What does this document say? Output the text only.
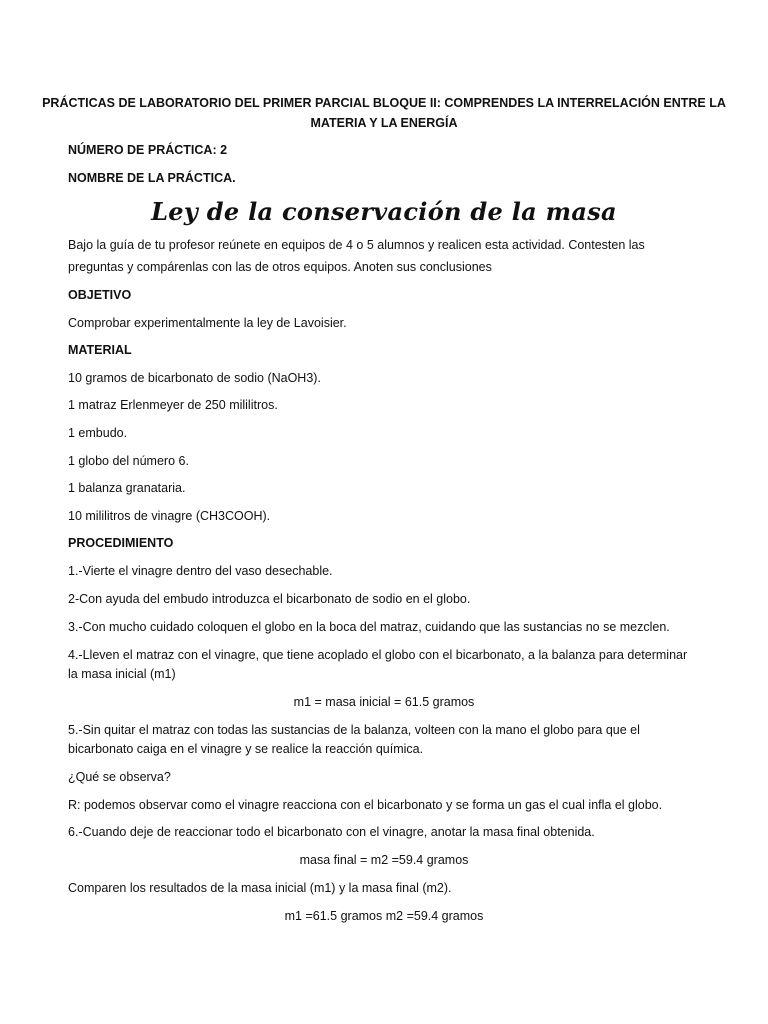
PRÁCTICAS DE LABORATORIO DEL PRIMER PARCIAL BLOQUE II: COMPRENDES LA INTERRELACIÓN ENTRE LA
MATERIA Y LA ENERGÍA

NÚMERO DE PRÁCTICA: 2

NOMBRE DE LA PRÁCTICA.

Ley de la conservación de la masa

Bajo la guía de tu profesor reúnete en equipos de 4 o 5 alumnos y realicen esta actividad. Contesten las

preguntas y compárenlas con las de otros equipos. Anoten sus conclusiones

OBJETIVO

Comprobar experimentalmente la ley de Lavoisier.

MATERIAL

10 gramos de bicarbonato de sodio (NaOH3).

1 matraz Erlenmeyer de 250 mililitros.

1 embudo.

1 globo del número 6.

1 balanza granataria.

10 mililitros de vinagre (CH3COOH).

PROCEDIMIENTO

1.-Vierte el vinagre dentro del vaso desechable.

2-Con ayuda del embudo introduzca el bicarbonato de sodio en el globo.

3.-Con mucho cuidado coloquen el globo en la boca del matraz, cuidando que las sustancias no se mezclen.

4.-Lleven el matraz con el vinagre, que tiene acoplado el globo con el bicarbonato, a la balanza para determinar

la masa inicial (m1)

m1 = masa inicial = 61.5 gramos

5.-Sin quitar el matraz con todas las sustancias de la balanza, volteen con la mano el globo para que el

bicarbonato caiga en el vinagre y se realice la reacción química.

¿Qué se observa?

R: podemos observar como el vinagre reacciona con el bicarbonato y se forma un gas el cual infla el globo.

6.-Cuando deje de reaccionar todo el bicarbonato con el vinagre, anotar la masa final obtenida.

masa final = m2 =59.4 gramos

Comparen los resultados de la masa inicial (m1) y la masa final (m2).

m1 =61.5 gramos m2 =59.4 gramos
